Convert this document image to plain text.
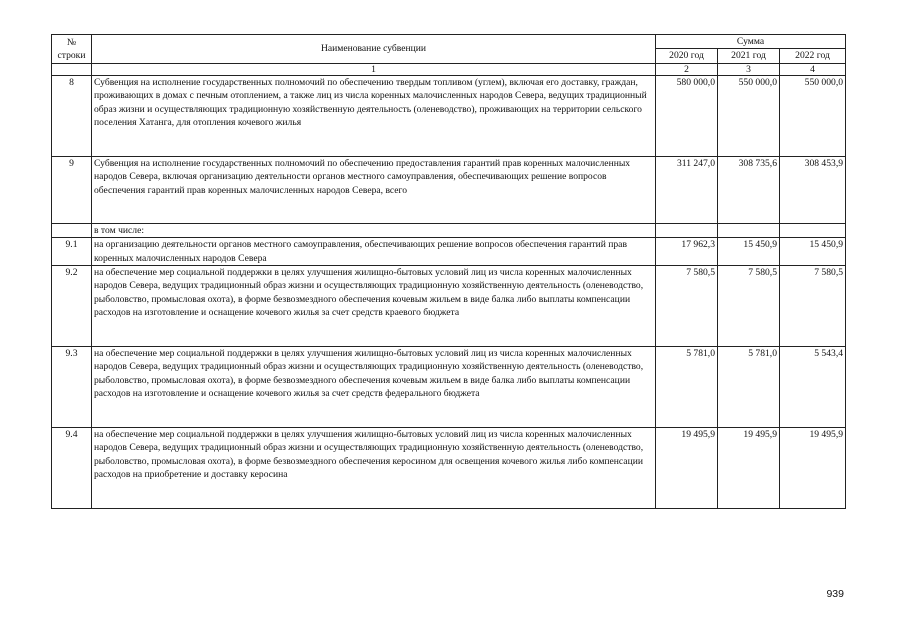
№
строки	Наименование субвенции	Сумма		
		2020 год	2021 год	2022 год
	1	2	3	4
8	Субвенция на исполнение государственных полномочий по обеспечению твердым топливом (углем), включая его доставку, граждан, проживающих в домах с печным отоплением, а также лиц из числа коренных малочисленных народов Севера, ведущих традиционный образ жизни и осуществляющих традиционную хозяйственную деятельность (оленеводство), проживающих на территории сельского поселения Хатанга, для отопления кочевого жилья	580 000,0	550 000,0	550 000,0
9	Субвенция на исполнение государственных полномочий по обеспечению предоставления гарантий прав коренных малочисленных народов Севера, включая организацию деятельности органов местного самоуправления, обеспечивающих решение вопросов обеспечения гарантий прав коренных малочисленных народов Севера, всего	311 247,0	308 735,6	308 453,9
	в том числе:			
9.1	на организацию деятельности органов местного самоуправления, обеспечивающих решение вопросов обеспечения гарантий прав коренных малочисленных народов Севера	17 962,3	15 450,9	15 450,9
9.2	на обеспечение мер социальной поддержки в целях улучшения жилищно-бытовых условий лиц из числа коренных малочисленных народов Севера, ведущих традиционный образ жизни и осуществляющих традиционную хозяйственную деятельность (оленеводство, рыболовство, промысловая охота), в форме безвозмездного обеспечения кочевым жильем в виде балка либо выплаты компенсации расходов на изготовление и оснащение кочевого жилья за счет средств краевого бюджета	7 580,5	7 580,5	7 580,5
9.3	на обеспечение мер социальной поддержки в целях улучшения жилищно-бытовых условий лиц из числа коренных малочисленных народов Севера, ведущих традиционный образ жизни и осуществляющих традиционную хозяйственную деятельность (оленеводство, рыболовство, промысловая охота), в форме безвозмездного обеспечения кочевым жильем в виде балка либо выплаты компенсации расходов на изготовление и оснащение кочевого жилья за счет средств федерального бюджета	5 781,0	5 781,0	5 543,4
9.4	на обеспечение мер социальной поддержки в целях улучшения жилищно-бытовых условий лиц из числа коренных малочисленных народов Севера, ведущих традиционный образ жизни и осуществляющих традиционную хозяйственную деятельность (оленеводство, рыболовство, промысловая охота), в форме безвозмездного обеспечения керосином для освещения кочевого жилья либо компенсации расходов на приобретение и доставку керосина	19 495,9	19 495,9	19 495,9
939
